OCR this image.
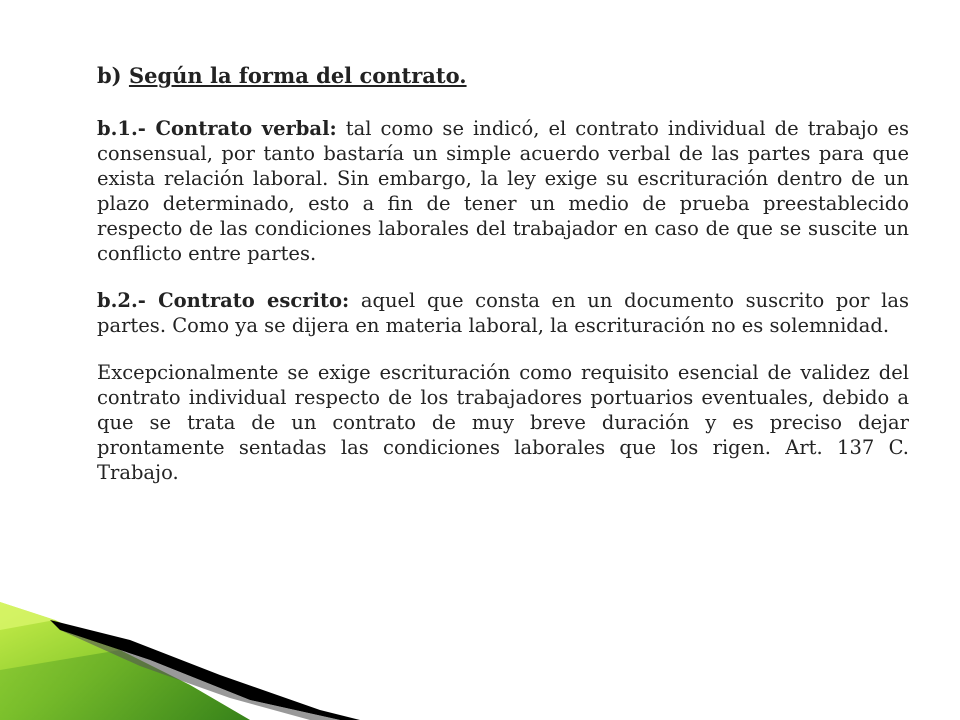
b) Según la forma del contrato.

b.1.- Contrato verbal: tal como se indicó, el contrato individual de trabajo es consensual, por tanto bastaría un simple acuerdo verbal de las partes para que exista relación laboral. Sin embargo, la ley exige su escrituración dentro de un plazo determinado, esto a fin de tener un medio de prueba preestablecido respecto de las condiciones laborales del trabajador en caso de que se suscite un conflicto entre partes.

b.2.- Contrato escrito: aquel que consta en un documento suscrito por las partes. Como ya se dijera en materia laboral, la escrituración no es solemnidad.

Excepcionalmente se exige escrituración como requisito esencial de validez del contrato individual respecto de los trabajadores portuarios eventuales, debido a que se trata de un contrato de muy breve duración y es preciso dejar prontamente sentadas las condiciones laborales que los rigen. Art. 137 C. Trabajo.
